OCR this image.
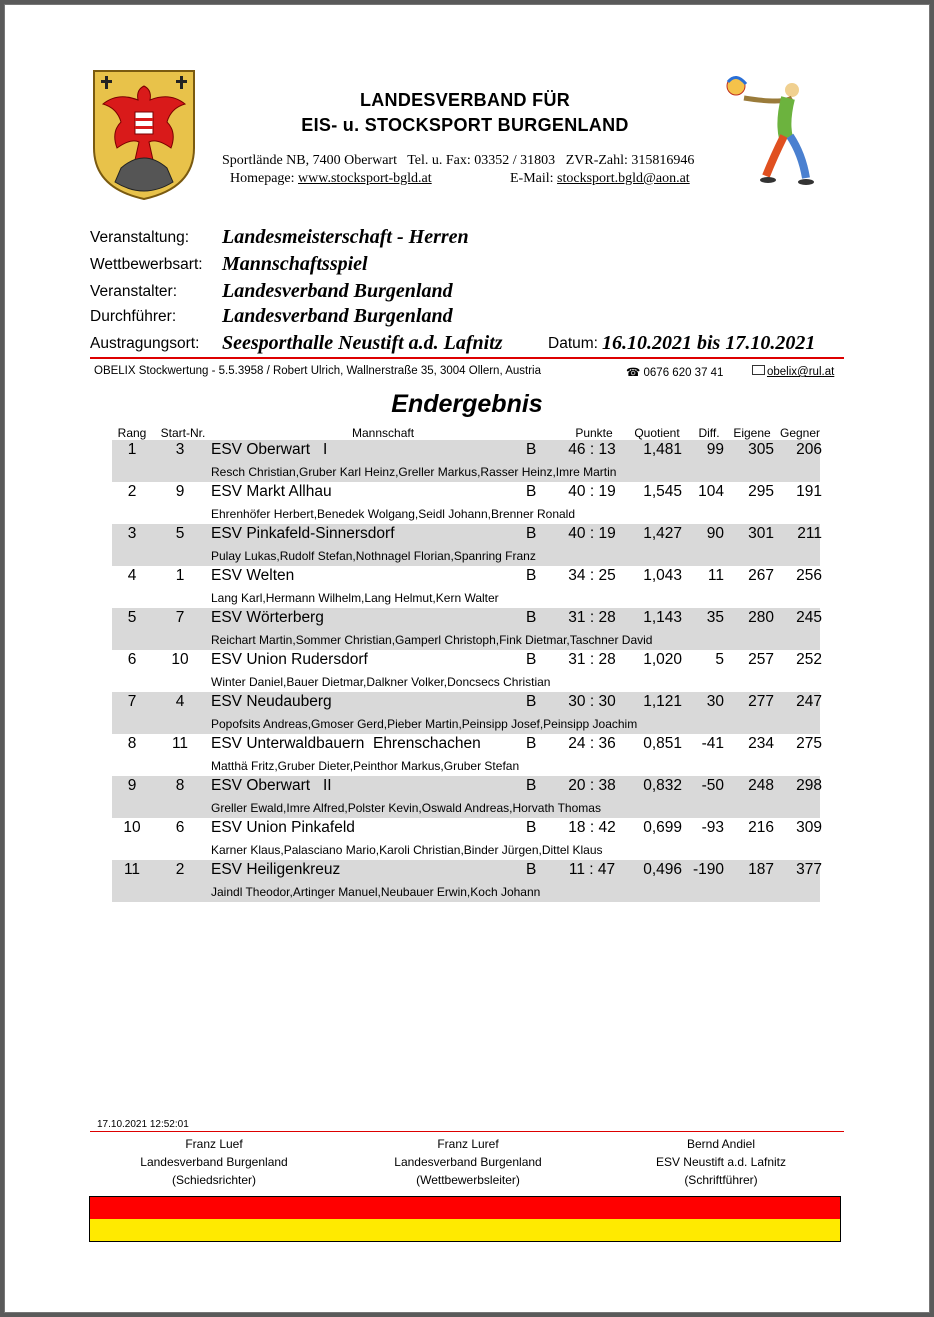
LANDESVERBAND FÜR
EIS- u. STOCKSPORT BURGENLAND
Sportlände NB, 7400 Oberwart Tel. u. Fax: 03352 / 31803 ZVR-Zahl: 315816946
Homepage: www.stocksport-bgld.at	E-Mail: stocksport.bgld@aon.at
Veranstaltung: Landesmeisterschaft - Herren
Wettbewerbsart: Mannschaftsspiel
Veranstalter: Landesverband Burgenland
Durchführer: Landesverband Burgenland
Austragungsort: Seesporthalle Neustift a.d. Lafnitz	Datum: 16.10.2021 bis 17.10.2021
OBELIX Stockwertung - 5.5.3958 / Robert Ulrich, Wallnerstraße 35, 3004 Ollern, Austria	☎ 0676 620 37 41	obelix@rul.at
Endergebnis
Rang	Start-Nr.	Mannschaft	Punkte	Quotient	Diff.	Eigene Gegner
1	3	ESV Oberwart   I	B	46 : 13	1,481	99	305	206
Resch Christian,Gruber Karl Heinz,Greller Markus,Rasser Heinz,Imre Martin
2	9	ESV Markt Allhau	B	40 : 19	1,545	104	295	191
Ehrenhöfer Herbert,Benedek Wolgang,Seidl Johann,Brenner Ronald
3	5	ESV Pinkafeld-Sinnersdorf	B	40 : 19	1,427	90	301	211
Pulay Lukas,Rudolf Stefan,Nothnagel Florian,Spanring Franz
4	1	ESV Welten	B	34 : 25	1,043	11	267	256
Lang Karl,Hermann Wilhelm,Lang Helmut,Kern Walter
5	7	ESV Wörterberg	B	31 : 28	1,143	35	280	245
Reichart Martin,Sommer Christian,Gamperl Christoph,Fink Dietmar,Taschner David
6	10	ESV Union Rudersdorf	B	31 : 28	1,020	5	257	252
Winter Daniel,Bauer Dietmar,Dalkner Volker,Doncsecs Christian
7	4	ESV Neudauberg	B	30 : 30	1,121	30	277	247
Popofsits Andreas,Gmoser Gerd,Pieber Martin,Peinsipp Josef,Peinsipp Joachim
8	11	ESV Unterwaldbauern  Ehrenschachen	B	24 : 36	0,851	-41	234	275
Matthä Fritz,Gruber Dieter,Peinthor Markus,Gruber Stefan
9	8	ESV Oberwart   II	B	20 : 38	0,832	-50	248	298
Greller Ewald,Imre Alfred,Polster Kevin,Oswald Andreas,Horvath Thomas
10	6	ESV Union Pinkafeld	B	18 : 42	0,699	-93	216	309
Karner Klaus,Palasciano Mario,Karoli Christian,Binder Jürgen,Dittel Klaus
11	2	ESV Heiligenkreuz	B	11 : 47	0,496 -190	187	377
Jaindl Theodor,Artinger Manuel,Neubauer Erwin,Koch Johann
17.10.2021 12:52:01
Franz Luef
Landesverband Burgenland
(Schiedsrichter)
Franz Luref
Landesverband Burgenland
(Wettbewerbsleiter)
Bernd Andiel
ESV Neustift a.d. Lafnitz
(Schriftführer)
